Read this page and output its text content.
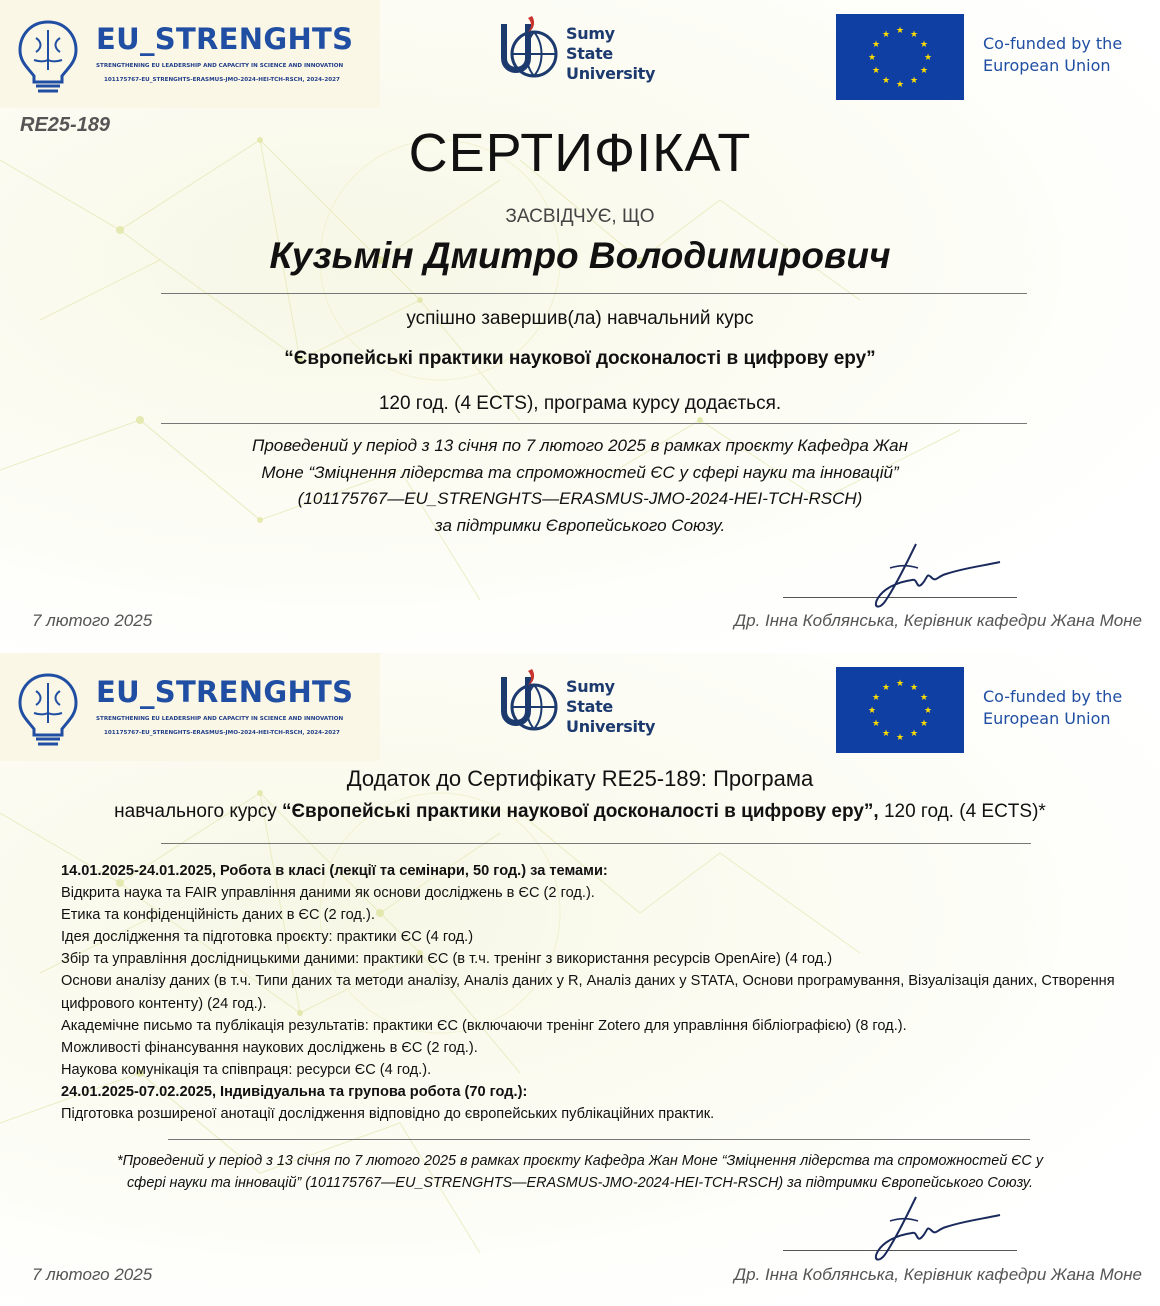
EU_STRENGHTS
STRENGTHENING EU LEADERSHIP AND CAPACITY IN SCIENCE AND INNOVATION
101175767-EU_STRENGHTS-ERASMUS-JMO-2024-HEI-TCH-RSCH, 2024-2027
Sumy
State
University
★ ★
★
★
★
★
★
★
★
★
★
★	Co-funded by the
European Union
RE25-189	СЕРТИФІКАТ
ЗАСВІДЧУЄ, ЩО
Кузьмін Дмитро Володимирович
успішно завершив(ла) навчальний курс
“Європейські практики наукової досконалості в цифрову еру”
120 год. (4 ECTS), програма курсу додається.
Проведений у період з 13 січня по 7 лютого 2025 в рамках проєкту Кафедра Жан
Моне “Зміцнення лідерства та спроможностей ЄС у сфері науки та інновацій”
(101175767—EU_STRENGHTS—ERASMUS-JMO-2024-HEI-TCH-RSCH)
за підтримки Європейського Союзу.
7 лютого 2025	Др. Інна Коблянська, Керівник кафедри Жана Моне
EU_STRENGHTS
STRENGTHENING EU LEADERSHIP AND CAPACITY IN SCIENCE AND INNOVATION
101175767-EU_STRENGHTS-ERASMUS-JMO-2024-HEI-TCH-RSCH, 2024-2027
Sumy
State
University
★ ★
★
★
★
★
★
★
★
★
★
★	Co-funded by the
European Union
Додаток до Сертифікату RE25-189: Програма
навчального курсу “Європейські практики наукової досконалості в цифрову еру”, 120 год. (4 ECTS)*

14.01.2025-24.01.2025, Робота в класі (лекції та семінари, 50 год.) за темами:

Відкрита наука та FAIR управління даними як основи досліджень в ЄС (2 год.).

Етика та конфіденційність даних в ЄС (2 год.).

Ідея дослідження та підготовка проєкту: практики ЄС (4 год.)

Збір та управління дослідницькими даними: практики ЄС (в т.ч. тренінг з використання ресурсів OpenAire) (4 год.)

Основи аналізу даних (в т.ч. Типи даних та методи аналізу, Аналіз даних у R, Аналіз даних у STATA, Основи програмування, Візуалізація даних, Створення цифрового контенту) (24 год.).

Академічне письмо та публікація результатів: практики ЄС (включаючи тренінг Zotero для управління бібліографією) (8 год.).

Можливості фінансування наукових досліджень в ЄС (2 год.).

Наукова комунікація та співпраця: ресурси ЄС (4 год.).

24.01.2025-07.02.2025, Індивідуальна та групова робота (70 год.):

Підготовка розширеної анотації дослідження відповідно до європейських публікаційних практик.

*Проведений у період з 13 січня по 7 лютого 2025 в рамках проєкту Кафедра Жан Моне “Зміцнення лідерства та спроможностей ЄС у
сфері науки та інновацій” (101175767—EU_STRENGHTS—ERASMUS-JMO-2024-HEI-TCH-RSCH) за підтримки Європейського Союзу.
7 лютого 2025	Др. Інна Коблянська, Керівник кафедри Жана Моне
